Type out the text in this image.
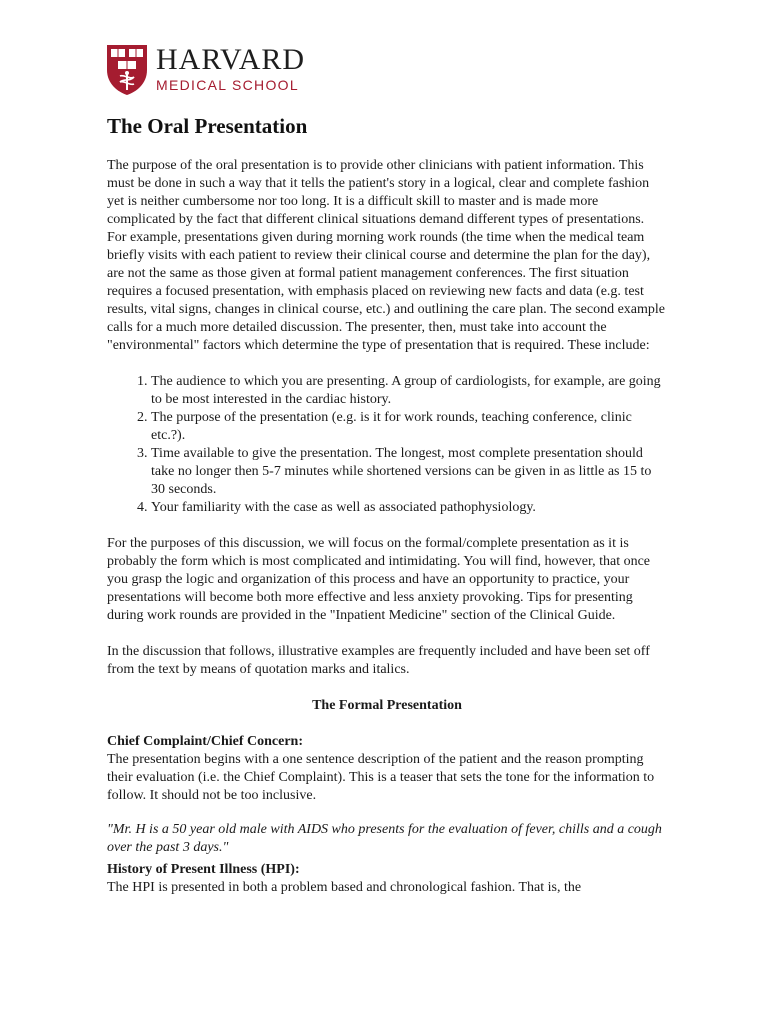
HARVARD
MEDICAL SCHOOL
The Oral Presentation

The purpose of the oral presentation is to provide other clinicians with patient information. This must be done in such a way that it tells the patient's story in a logical, clear and complete fashion yet is neither cumbersome nor too long. It is a difficult skill to master and is made more complicated by the fact that different clinical situations demand different types of presentations. For example, presentations given during morning work rounds (the time when the medical team briefly visits with each patient to review their clinical course and determine the plan for the day), are not the same as those given at formal patient management conferences. The first situation requires a focused presentation, with emphasis placed on reviewing new facts and data (e.g. test results, vital signs, changes in clinical course, etc.) and outlining the care plan. The second example calls for a much more detailed discussion. The presenter, then, must take into account the "environmental" factors which determine the type of presentation that is required. These include:

1. The audience to which you are presenting. A group of cardiologists, for example, are going to be most interested in the cardiac history.
2. The purpose of the presentation (e.g. is it for work rounds, teaching conference, clinic etc.?).
3. Time available to give the presentation. The longest, most complete presentation should take no longer then 5-7 minutes while shortened versions can be given in as little as 15 to 30 seconds.
4. Your familiarity with the case as well as associated pathophysiology.

For the purposes of this discussion, we will focus on the formal/complete presentation as it is probably the form which is most complicated and intimidating. You will find, however, that once you grasp the logic and organization of this process and have an opportunity to practice, your presentations will become both more effective and less anxiety provoking. Tips for presenting during work rounds are provided in the "Inpatient Medicine" section of the Clinical Guide.

In the discussion that follows, illustrative examples are frequently included and have been set off from the text by means of quotation marks and italics.

The Formal Presentation
Chief Complaint/Chief Concern:

The presentation begins with a one sentence description of the patient and the reason prompting their evaluation (i.e. the Chief Complaint). This is a teaser that sets the tone for the information to follow. It should not be too inclusive.

"Mr. H is a 50 year old male with AIDS who presents for the evaluation of fever, chills and a cough over the past 3 days."

History of Present Illness (HPI):

The HPI is presented in both a problem based and chronological fashion. That is, the
